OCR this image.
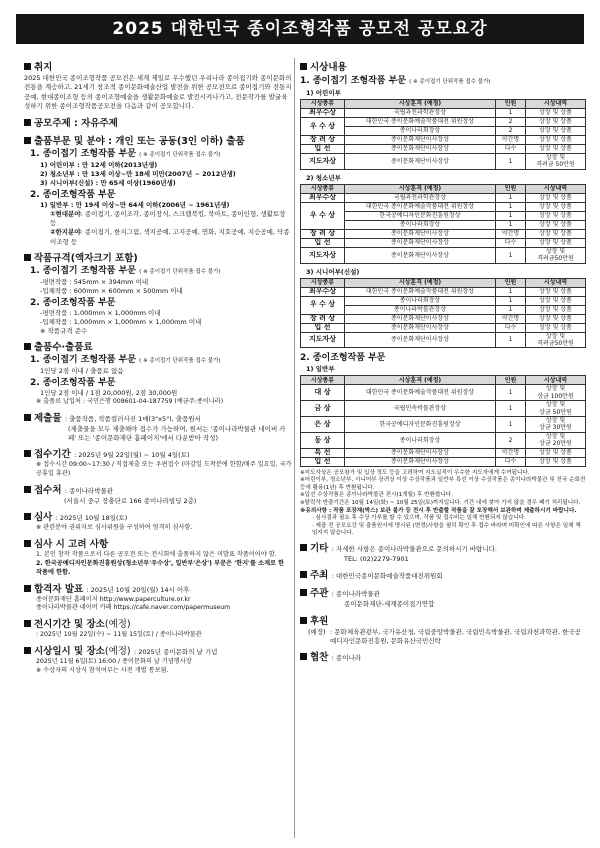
2025 대한민국 종이조형작품 공모전 공모요강
취지
2025 대한민국 종이조형작품 공모전은 세계 제일로 우수했던 우리나라 종이접기와 종이문화의 전통을 계승하고, 21세기 창조적 종이문화예술산업 발전을 위한 공모전으로 종이접기와 전통지공예, 현대종이조형 등의 종이조형예술을 생활문화예술로 발전시켜나가고, 전문작가를 발굴육성하기 위한 종이조형작품공모전을 다음과 같이 공모합니다.
공모주제 : 자유주제
출품부문 및 분야 : 개인 또는 공동(3인 이하) 출품
1. 종이접기 조형작품 부문 ( ※ 종이접기 단위작품 접수 불가)
1) 어린이부 : 만 12세 이하(2013년생)
2) 청소년부 : 만 13세 이상~만 18세 미만(2007년 ~ 2012년생)
3) 시니어부(신설) : 만 65세 이상(1960년생)
2. 종이조형작품 부문
1) 일반부 : 만 19세 이상~만 64세 이하(2006년 ~ 1961년생)
①현대분야: 종이접기, 종이조각, 종이장식, 스크랩북킹, 북아트, 종이인형, 생활토장 등
②한지분야: 종이접기, 한지그림, 색지공예, 고지공예, 연화, 지호공예, 지승공예, 닥종이조형 등
작품규격(액자크기 포함)
1. 종이접기 조형작품 부문 ( ※ 종이접기 단위작품 접수 불가)
-평면작품 : 545mm × 394mm 이내
-입체작품 : 600mm × 600mm × 500mm 이내
2. 종이조형작품 부문
-평면작품 : 1,000mm × 1,000mm 이내
-입체작품 : 1,000mm × 1,000mm × 1,000mm 이내
※ 작품규격 준수
출품수·출품료
1. 종이접기 조형작품 부문 ( ※ 종이접기 단위작품 접수 불가)
1인당 2점 이내 / 출품료 없음
2. 종이조형작품 부문
1인당 2점 이내 / 1점 20,000원, 2점 30,000원
※ 출품료 납입처 : 국민은행 008601-04-187759 (예금주:종이나라)
제출물 : 출품작품, 작품컬러사진 1매(3"x5"), 출품원서
(제출물을 모두 제출해야 접수가 가능하며, 원서는 '종이나라박물관 네이버 카페' 또는 '종이문화재단 홈페이지'에서 다운받아 작성)
접수기간 : 2025년 9월 22일(월) ~ 10월 4일(토)
※ 접수시간 09:00~17:30 / 직접제출 또는 우편접수 (마감일 도착분에 한함/매주 일요일, 국가 공휴일 휴관)
접수처 : 종이나라박물관
(서울시 중구 장충단로 166 종이나라빌딩 2층)
심사 : 2025년 10월 18일(토)
※ 관련분야 권위자로 심사위원을 구성하여 엄격히 심사함.
심사 시 고려 사항
1. 본인 창작 작품으로서 다른 공모전 또는 전시회에 출품하지 않은 미발표 작품이어야 함.
2. 한국공예디자인문화진흥원상(청소년부'우수상', 일반부'은상') 부문은 '한지'를 소재로 한 작품에 한함.
합격자 발표 : 2025년 10월 20일(월) 14시 이후
종이문화재단 홈페이지 http://www.paperculture.or.kr
종이나라박물관 네이버 카페 https://cafe.naver.com/papermuseum
전시기간 및 장소(예정)
: 2025년 10월 22일(수) ~ 11월 15일(토) / 종이나라박물관
시상일시 및 장소(예정) : 2025년 종이문화의 날 기념
2025년 11월 6일(토) 16:00 / 종이문화의 날 기념행사장
※ 수상자의 시상식 참석여부는 사전 개별 통보됨.
시상내용
1. 종이접기 조형작품 부문 ( ※ 종이접기 단위작품 접수 불가)
1) 어린이부
시상종류	시상훈격 (예정)	인원	시상내역
최우수상	국립과천과학관장상	1	상장 및 상품
우 수 상	대한민국 종이문화예술작품대전 위원장상	2	상장 및 상품
	종이나라회장상	2	상장 및 상품
장 려 상	종이문화재단이사장상	약간명	상장 및 상품
입 선	종이문화재단이사장상	다수	상장 및 상품
지도자상	종이문화재단이사장상	1	상장 및
격려금 50만원
2) 청소년부
시상종류	시상훈격 (예정)	인원	시상내역
최우수상	국립과천과학관장상	1	상장 및 상품
우 수 상	대한민국 종이문화예술작품대전 위원장상	1	상장 및 상품
	한국공예디자인문화진흥원장상	1	상장 및 상품
	종이나라회장상	1	상장 및 상품
장 려 상	종이문화재단이사장상	약간명	상장 및 상품
입 선	종이문화재단이사장상	다수	상장 및 상품
지도자상	종이문화재단이사장상	1	상장 및
격려금50만원
3) 시니어부(신설)
시상종류	시상훈격 (예정)	인원	시상내역
최우수상	대한민국 종이문화예술작품대전 위원장상	1	상장 및 상품
우 수 상	종이나라회장상	1	상장 및 상품
	종이나라박물관장상	1	상장 및 상품
장 려 상	종이문화재단이사장상	약간명	상장 및 상품
입 선	종이문화재단이사장상	다수	상장 및 상품
지도자상	종이문화재단이사장상	1	상장 및
격려금50만원
2. 종이조형작품 부문
1) 일반부
시상종류	시상훈격 (예정)	인원	시상내역
대 상	대한민국 종이문화예술작품대전 위원장상	1	상장 및
상금 100만원
금 상	국립민속박물관장상	1	상장 및
상금 50만원
은 상	한국공예디자인문화진흥원장상	1	상장 및
상금 30만원
동 상	종이나라회장상	2	상장 및
상금 20만원
특 선	종이문화재단이사장상	약간명	상장 및 상품
입 선	종이문화재단이사장상	다수	상장 및 상품
※지도자상은 공모참가 및 입상 정도 등을 고려하여 지도실적이 우수한 지도자에게 수여됩니다.
※어린이부, 청소년부, 시니어부 장려상 이상 수상작품과 일반부 특선 이상 수상작품은 종이나라박물관 및 전국 순회전 등에 활용(1년) 후 반환됩니다.
※입선 수상작품은 종이나라박물관 전시(1개월) 후 반환합니다.
※탈락작 반출기간은 10월 14일(화) ~ 10월 25일(토)까지입니다. 기간 내에 찾아 가지 않을 경우 폐기 처리됩니다.
※유의사항 : 작품 포장재(박스) 보관 불가 등 전시 후 반출할 작품을 잘 포장해서 보관하며 제출하시기 바랍니다.
· 심사결과 필요 후 수상 가부를 할 수 있으며, 작품 및 접수비는 일체 반환되지 않습니다.
· 제출 전 공모요강 및 출품원서에 명시된 (변경)사항을 필히 확인 후 접수 바라며 미확인에 따른 사항은 일체 책임지지 않습니다.
기타 : 자세한 사항은 종이나라박물관으로 문의하시기 바랍니다.
TEL: (02)2279-7901
주최 : 대한민국종이문화예술작품대전위원회
주관 : 종이나라박물관
종이문화재단-세계종이접기연합
후원
(예정) : 문화체육관광부, 국가유산청, 국립중앙박물관, 국립민속박물관, 국립과천과학관, 한국공예디자인문화진흥원, 문화유산국민신탁
협찬 : 종이나라
